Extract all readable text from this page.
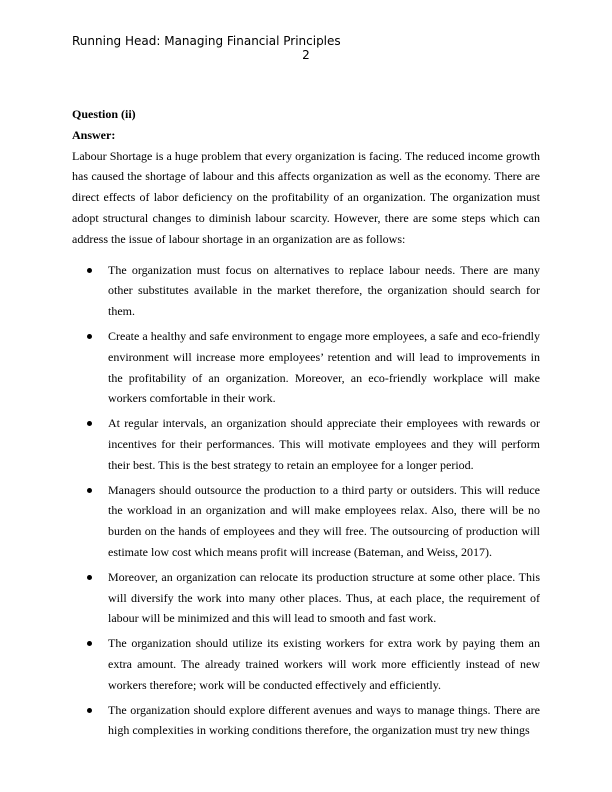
Running Head: Managing Financial Principles
2

Question (ii)

Answer:

Labour Shortage is a huge problem that every organization is facing. The reduced income growth has caused the shortage of labour and this affects organization as well as the economy. There are direct effects of labor deficiency on the profitability of an organization. The organization must adopt structural changes to diminish labour scarcity. However, there are some steps which can address the issue of labour shortage in an organization are as follows:

The organization must focus on alternatives to replace labour needs. There are many other substitutes available in the market therefore, the organization should search for them.
Create a healthy and safe environment to engage more employees, a safe and eco-friendly environment will increase more employees’ retention and will lead to improvements in the profitability of an organization. Moreover, an eco-friendly workplace will make workers comfortable in their work.
At regular intervals, an organization should appreciate their employees with rewards or incentives for their performances. This will motivate employees and they will perform their best. This is the best strategy to retain an employee for a longer period.
Managers should outsource the production to a third party or outsiders. This will reduce the workload in an organization and will make employees relax. Also, there will be no burden on the hands of employees and they will free. The outsourcing of production will estimate low cost which means profit will increase (Bateman, and Weiss, 2017).
Moreover, an organization can relocate its production structure at some other place. This will diversify the work into many other places. Thus, at each place, the requirement of labour will be minimized and this will lead to smooth and fast work.
The organization should utilize its existing workers for extra work by paying them an extra amount. The already trained workers will work more efficiently instead of new workers therefore; work will be conducted effectively and efficiently.
The organization should explore different avenues and ways to manage things. There are high complexities in working conditions therefore, the organization must try new things
